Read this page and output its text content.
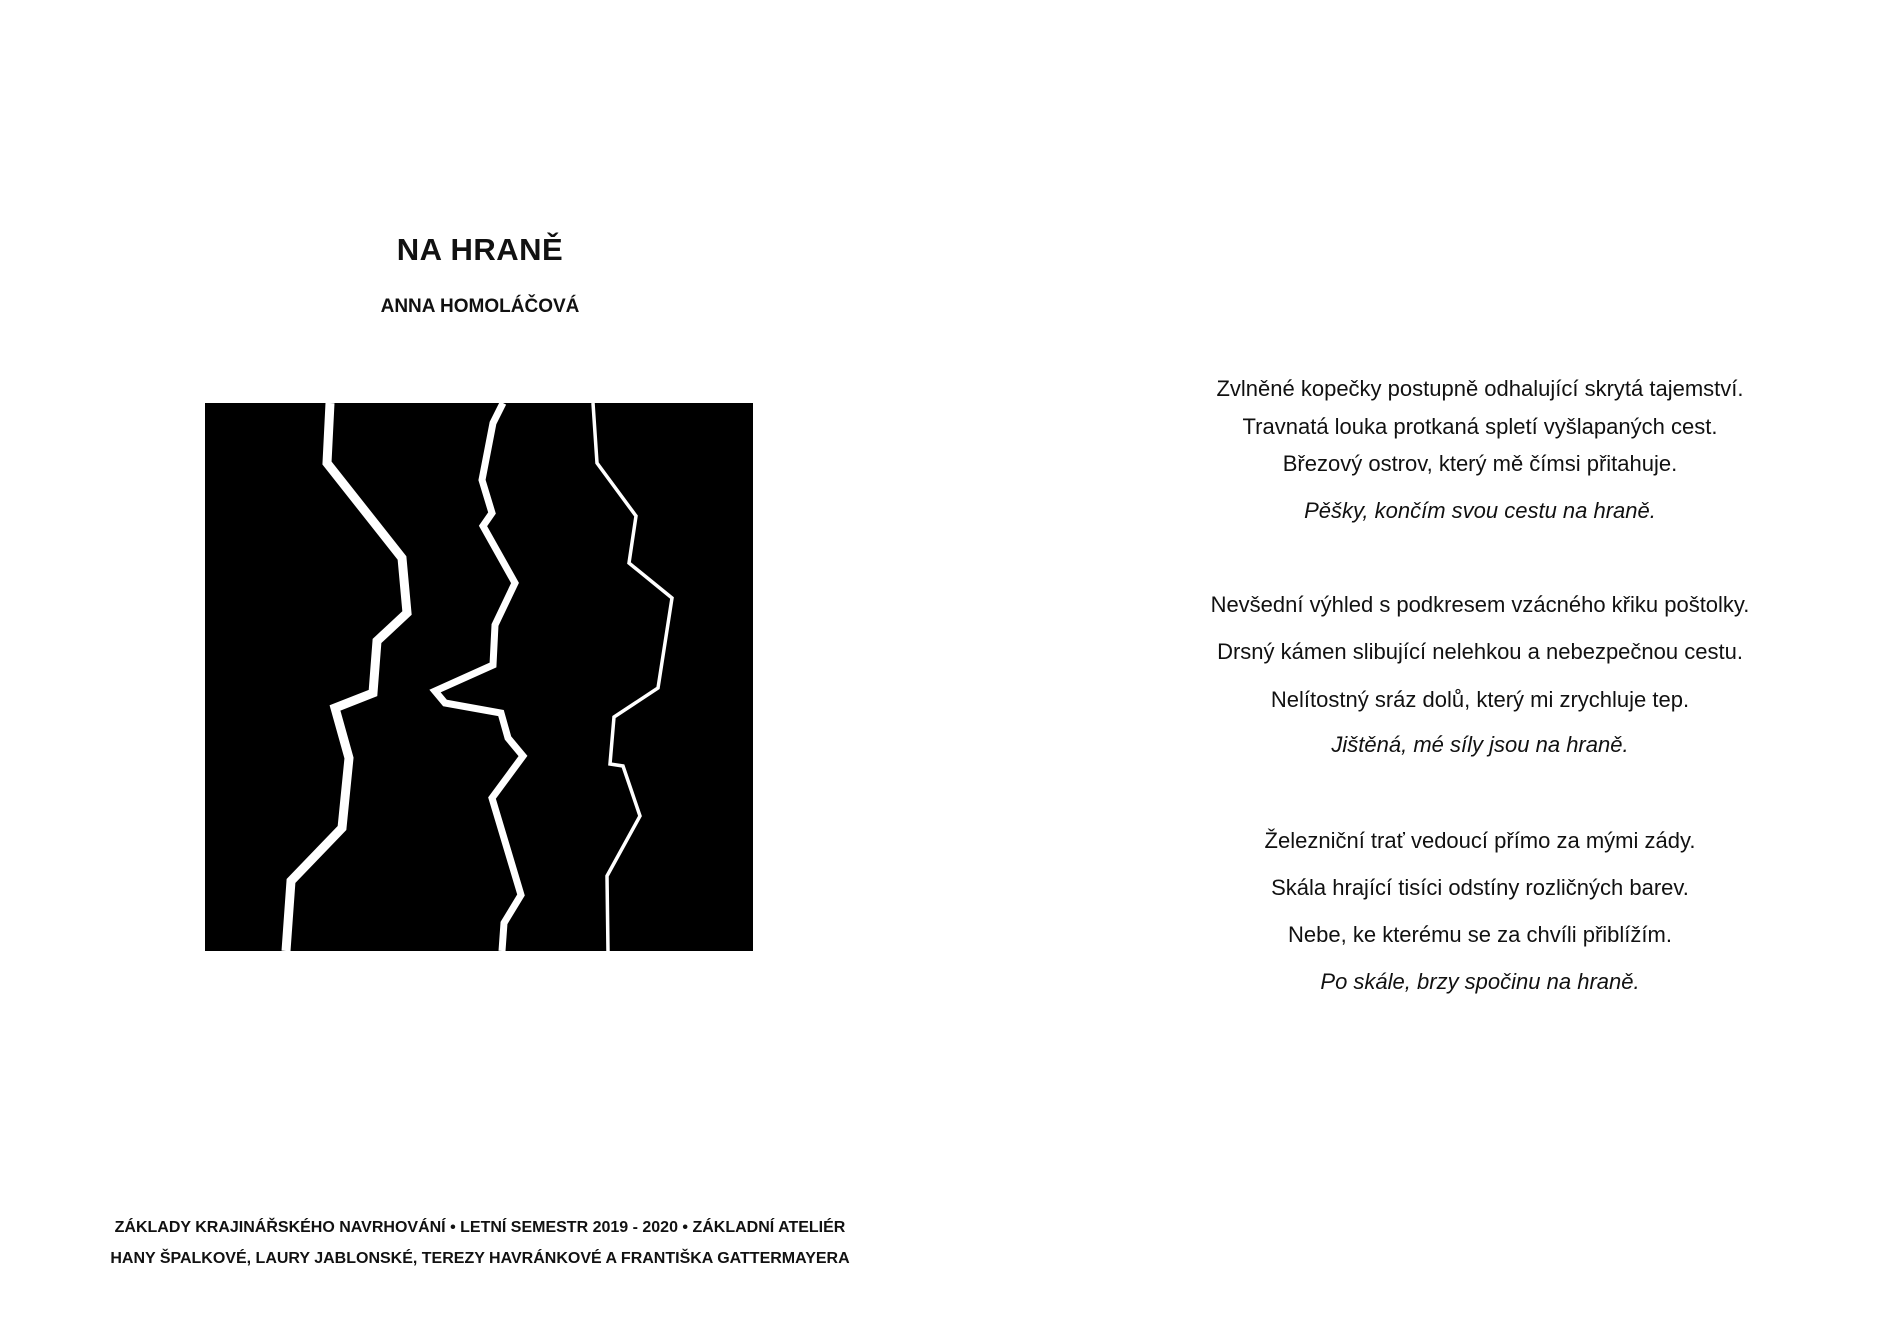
NA HRANĚ
ANNA HOMOLÁČOVÁ
Zvlněné kopečky postupně odhalující skrytá tajemství.
Travnatá louka protkaná spletí vyšlapaných cest.
Březový ostrov, který mě čímsi přitahuje.
Pěšky, končím svou cestu na hraně.
Nevšední výhled s podkresem vzácného křiku poštolky.
Drsný kámen slibující nelehkou a nebezpečnou cestu.
Nelítostný sráz dolů, který mi zrychluje tep.
Jištěná, mé síly jsou na hraně.
Železniční trať vedoucí přímo za mými zády.
Skála hrající tisíci odstíny rozličných barev.
Nebe, ke kterému se za chvíli přiblížím.
Po skále, brzy spočinu na hraně.
ZÁKLADY KRAJINÁŘSKÉHO NAVRHOVÁNÍ • LETNÍ SEMESTR 2019 - 2020 • ZÁKLADNÍ ATELIÉR
HANY ŠPALKOVÉ, LAURY JABLONSKÉ, TEREZY HAVRÁNKOVÉ A FRANTIŠKA GATTERMAYERA
